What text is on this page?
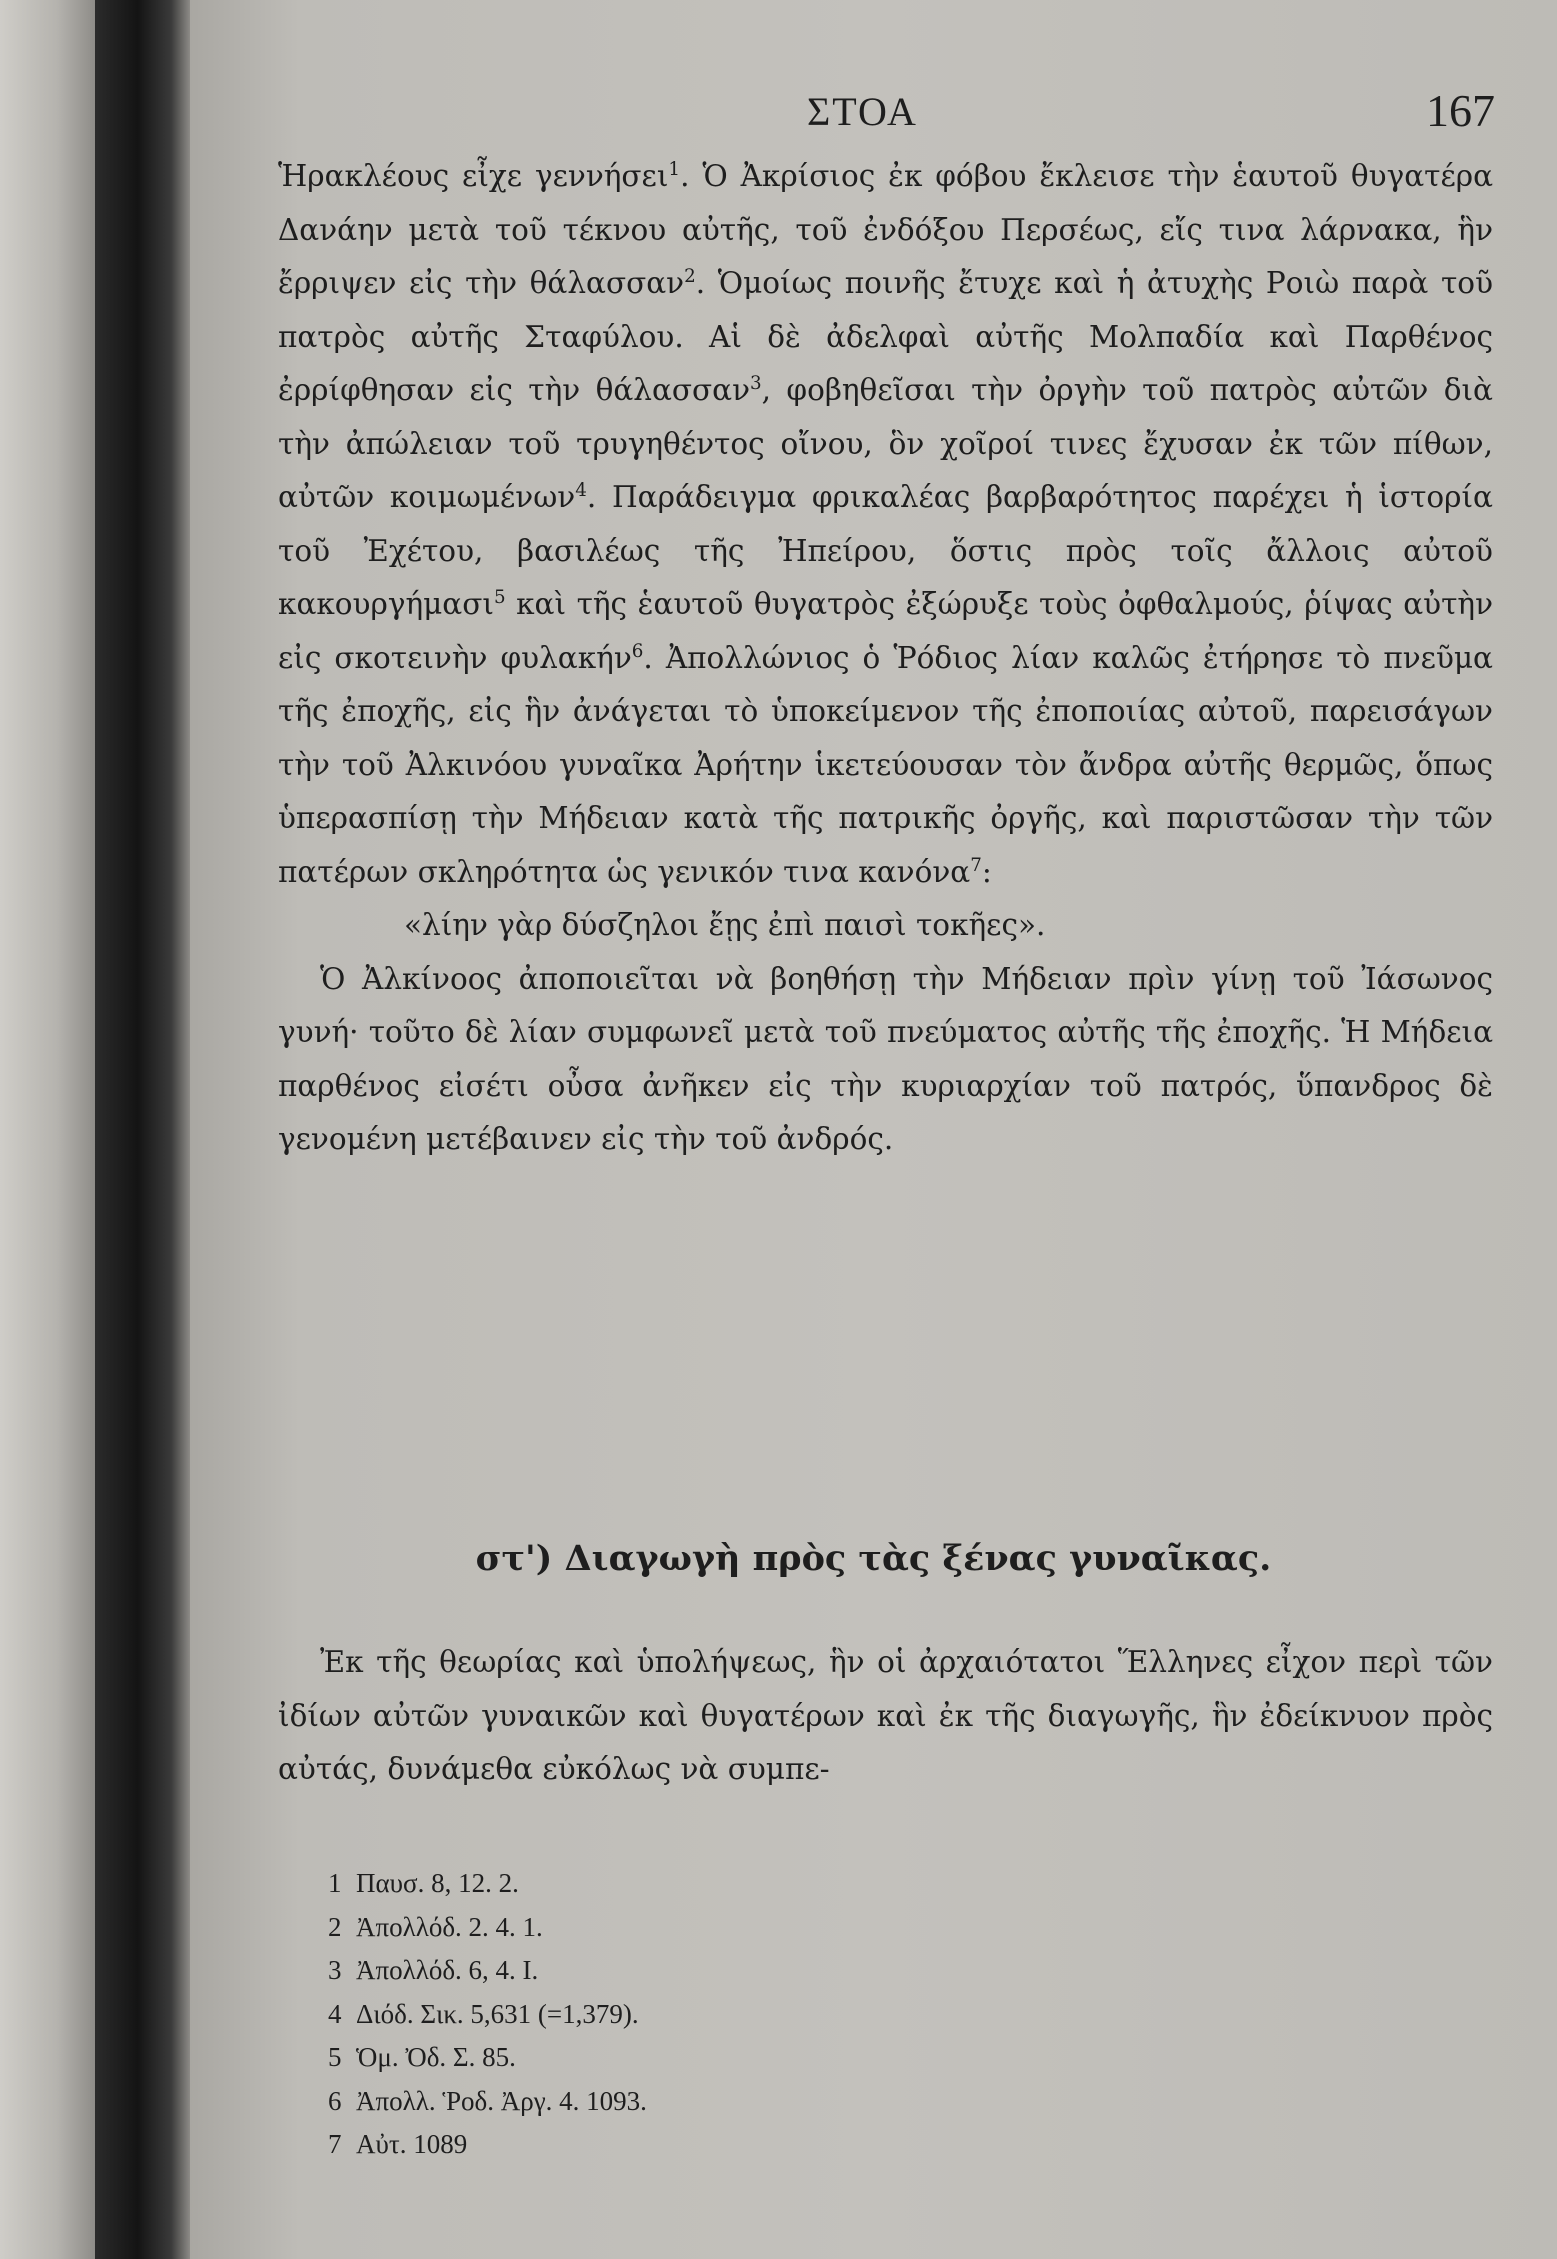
ΣΤΟΑ	167

Ἡρακλέους εἶχε γεννήσει$^1$. Ὁ Ἀκρίσιος ἐκ φόβου ἔκλεισε τὴν ἑαυτοῦ θυγατέρα Δανάην μετὰ τοῦ τέκνου αὐτῆς, τοῦ ἐνδόξου Περσέως, εἴς τινα λάρνακα, ἣν ἔρριψεν εἰς τὴν θάλασσαν$^2$. Ὁμοίως ποινῆς ἔτυχε καὶ ἡ ἀτυχὴς Ροιὼ παρὰ τοῦ πατρὸς αὐτῆς Σταφύλου. Αἱ δὲ ἀδελφαὶ αὐτῆς Μολπαδία καὶ Παρθένος ἐρρίφθησαν εἰς τὴν θάλασσαν$^3$, φοβηθεῖσαι τὴν ὀργὴν τοῦ πατρὸς αὐτῶν διὰ τὴν ἀπώλειαν τοῦ τρυγηθέντος οἴνου, ὃν χοῖροί τινες ἔχυσαν ἐκ τῶν πίθων, αὐτῶν κοιμωμένων$^4$. Παράδειγμα φρικαλέας βαρβαρότητος παρέχει ἡ ἱστορία τοῦ Ἐχέτου, βασιλέως τῆς Ἠπείρου, ὅστις πρὸς τοῖς ἄλλοις αὐτοῦ κακουργήμασι$^5$ καὶ τῆς ἑαυτοῦ θυγατρὸς ἐξώρυξε τοὺς ὀφθαλμούς, ῥίψας αὐτὴν εἰς σκοτεινὴν φυλακήν$^6$. Ἀπολλώνιος ὁ Ῥόδιος λίαν καλῶς ἐτήρησε τὸ πνεῦμα τῆς ἐποχῆς, εἰς ἣν ἀνάγεται τὸ ὑποκείμενον τῆς ἐποποιίας αὐτοῦ, παρεισάγων τὴν τοῦ Ἀλκινόου γυναῖκα Ἀρήτην ἱκετεύουσαν τὸν ἄνδρα αὐτῆς θερμῶς, ὅπως ὑπερασπίσῃ τὴν Μήδειαν κατὰ τῆς πατρικῆς ὀργῆς, καὶ παριστῶσαν τὴν τῶν πατέρων σκληρότητα ὡς γενικόν τινα κανόνα$^7$:

«λίην γὰρ δύσζηλοι ἔῃς ἐπὶ παισὶ τοκῆες».

Ὁ Ἀλκίνοος ἀποποιεῖται νὰ βοηθήσῃ τὴν Μήδειαν πρὶν γίνῃ τοῦ Ἰάσωνος γυνή· τοῦτο δὲ λίαν συμφωνεῖ μετὰ τοῦ πνεύματος αὐτῆς τῆς ἐποχῆς. Ἡ Μήδεια παρθένος εἰσέτι οὖσα ἀνῆκεν εἰς τὴν κυριαρχίαν τοῦ πατρός, ὕπανδρος δὲ γενομένη μετέβαινεν εἰς τὴν τοῦ ἀνδρός.

στ') Διαγωγὴ πρὸς τὰς ξένας γυναῖκας.

Ἐκ τῆς θεωρίας καὶ ὑπολήψεως, ἣν οἱ ἀρχαιότατοι Ἕλληνες εἶχον περὶ τῶν ἰδίων αὐτῶν γυναικῶν καὶ θυγατέρων καὶ ἐκ τῆς διαγωγῆς, ἣν ἐδείκνυον πρὸς αὐτάς, δυνάμεθα εὐκόλως νὰ συμπε-

1 Παυσ. 8, 12. 2.
2 Ἀπολλόδ. 2. 4. 1.
3 Ἀπολλόδ. 6, 4. I.
4 Διόδ. Σικ. 5,631 (=1,379).
5 Ὁμ. Ὀδ. Σ. 85.
6 Ἀπολλ. Ῥοδ. Ἀργ. 4. 1093.
7 Αὐτ. 1089
